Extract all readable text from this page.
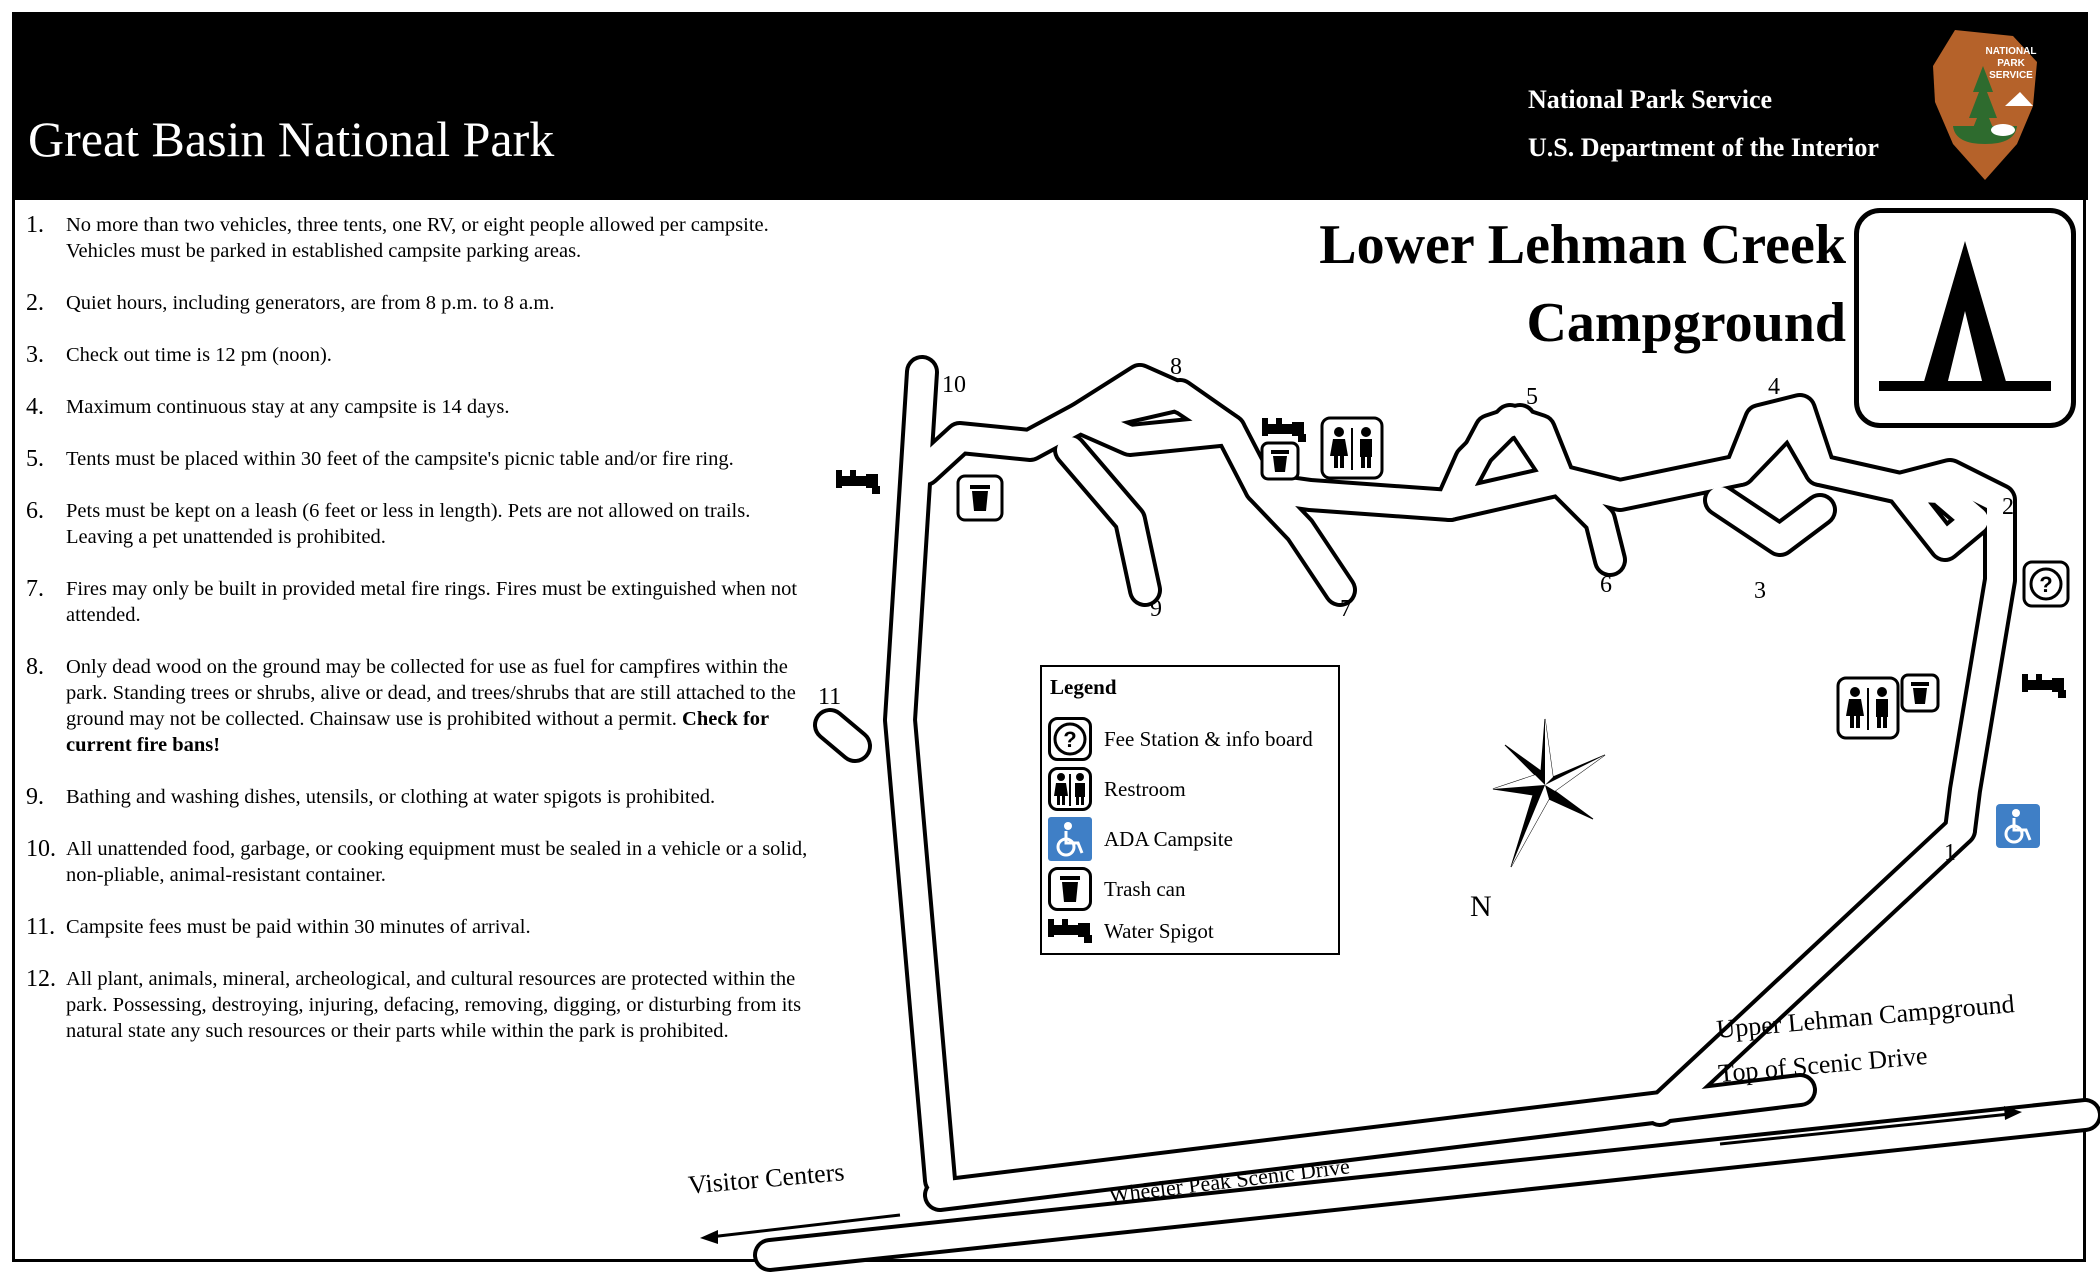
Great Basin National Park
National Park Service
U.S. Department of the Interior
NATIONAL
PARK
SERVICE
1. No more than two vehicles, three tents, one RV, or eight people allowed per campsite. Vehicles must be parked in established campsite parking areas.
2. Quiet hours, including generators, are from 8 p.m. to 8 a.m.
3. Check out time is 12 pm (noon).
4. Maximum continuous stay at any campsite is 14 days.
5. Tents must be placed within 30 feet of the campsite's picnic table and/or fire ring.
6. Pets must be kept on a leash (6 feet or less in length). Pets are not allowed on trails. Leaving a pet unattended is prohibited.
7. Fires may only be built in provided metal fire rings. Fires must be extinguished when not attended.
8. Only dead wood on the ground may be collected for use as fuel for campfires within the park. Standing trees or shrubs, alive or dead, and trees/shrubs that are still attached to the ground may not be collected. Chainsaw use is prohibited without a permit. Check for current fire bans!
9. Bathing and washing dishes, utensils, or clothing at water spigots is prohibited.
10. All unattended food, garbage, or cooking equipment must be sealed in a vehicle or a solid, non-pliable, animal-resistant container.
11. Campsite fees must be paid within 30 minutes of arrival.
12. All plant, animals, mineral, archeological, and cultural resources are protected within the park. Possessing, destroying, injuring, defacing, removing, digging, or disturbing from its natural state any such resources or their parts while within the park is prohibited.
Lower Lehman Creek
Campground
?
1
2
3
4
5
6
7
8
9
10
11
N
Visitor Centers	Wheeler Peak Scenic Drive
Upper Lehman Campground
Top of Scenic Drive
Legend
? Fee Station & info board
Restroom
ADA Campsite
Trash can
Water Spigot
